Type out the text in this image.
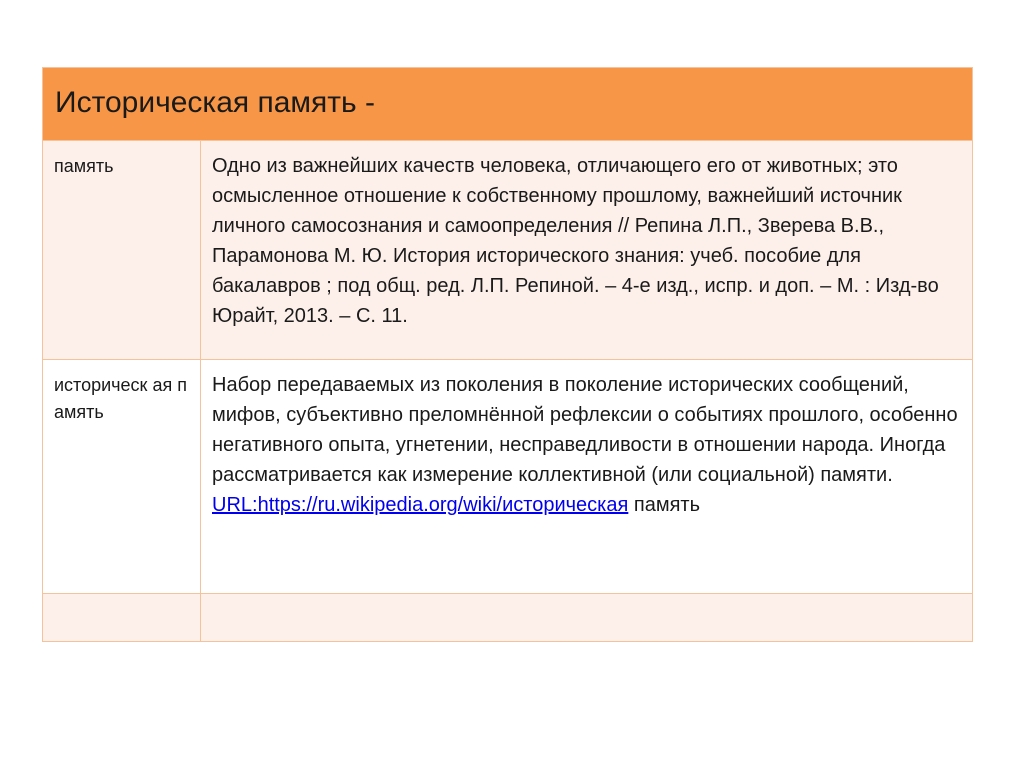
Историческая память -	

память	Одно из важнейших качеств человека, отличающего его от животных; это осмысленное отношение к собственному прошлому, важнейший источник личного самосознания и самоопределения // Репина Л.П., Зверева В.В., Парамонова М. Ю. История исторического знания: учеб. пособие для бакалавров ; под общ. ред. Л.П. Репиной. – 4-е изд., испр. и доп. – М. : Изд-во Юрайт, 2013. – С. 11.
историческ ая память	Набор передаваемых из поколения в поколение исторических сообщений, мифов, субъективно преломнённой рефлексии о событиях прошлого, особенно негативного опыта, угнетении, несправедливости в отношении народа. Иногда рассматривается как измерение коллективной (или социальной) памяти.
URL:https://ru.wikipedia.org/wiki/историческая память
